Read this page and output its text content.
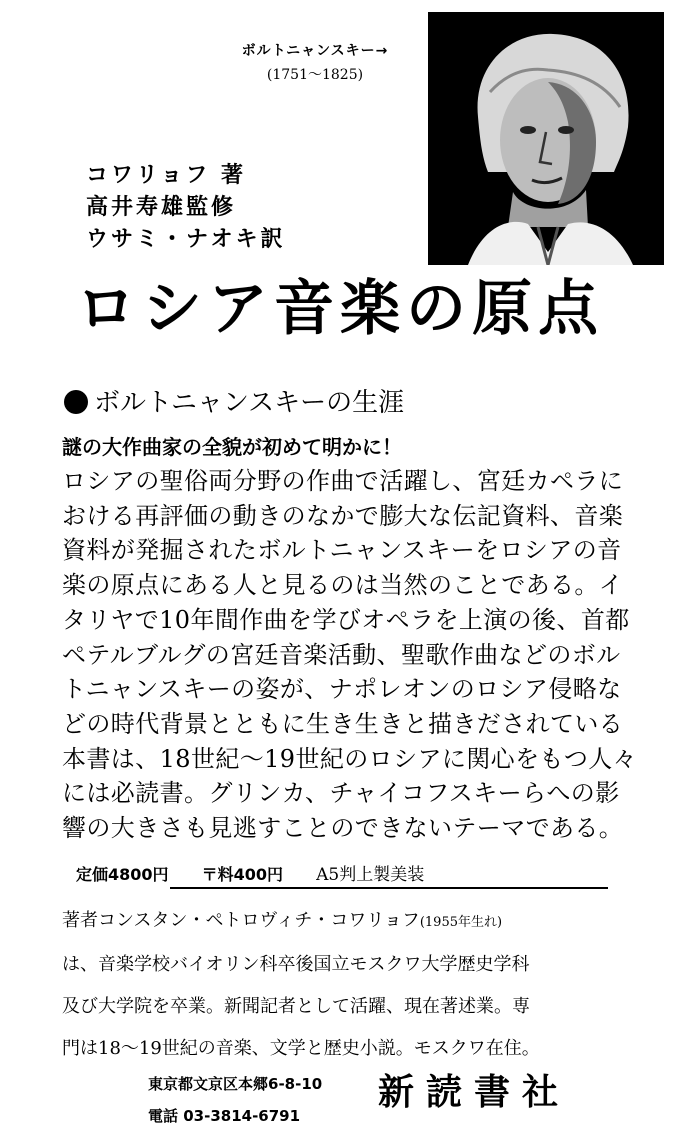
ボルトニャンスキー→
(1751～1825)
コワリョフ 著
高井寿雄監修
ウサミ・ナオキ訳
ロシア音楽の原点
ボルトニャンスキーの生涯
謎の大作曲家の全貌が初めて明かに！
ロシアの聖俗両分野の作曲で活躍し、宮廷カペラに
おける再評価の動きのなかで膨大な伝記資料、音楽
資料が発掘されたボルトニャンスキーをロシアの音
楽の原点にある人と見るのは当然のことである。イ
タリヤで10年間作曲を学びオペラを上演の後、首都
ペテルブルグの宮廷音楽活動、聖歌作曲などのボル
トニャンスキーの姿が、ナポレオンのロシア侵略な
どの時代背景とともに生き生きと描きだされている
本書は、18世紀～19世紀のロシアに関心をもつ人々
には必読書。グリンカ、チャイコフスキーらへの影
響の大きさも見逃すことのできないテーマである。
定価4800円 〒料400円 A5判上製美装
著者コンスタン・ペトロヴィチ・コワリョフ(1955年生れ)
は、音楽学校バイオリン科卒後国立モスクワ大学歴史学科
及び大学院を卒業。新聞記者として活躍、現在著述業。専
門は18～19世紀の音楽、文学と歴史小説。モスクワ在住。
東京都文京区本郷6-8-10
電話 03-3814-6791
新読書社
